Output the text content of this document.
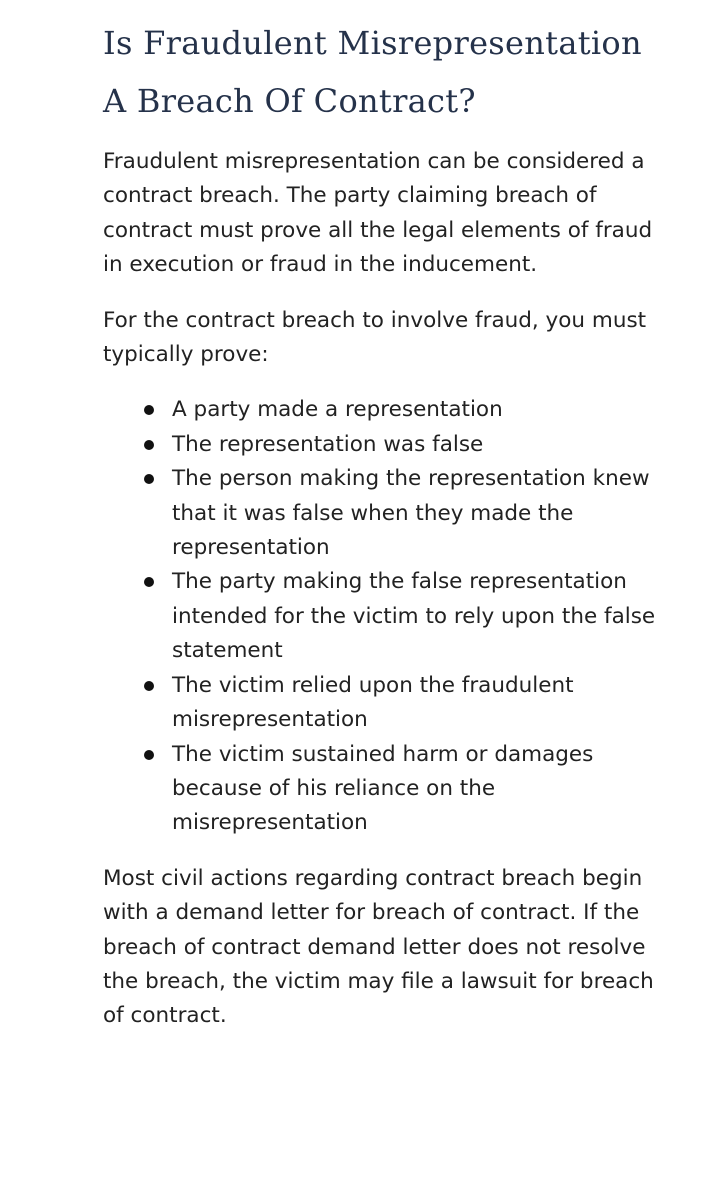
Is Fraudulent Misrepresentation A Breach Of Contract?

Fraudulent misrepresentation can be considered a contract breach. The party claiming breach of contract must prove all the legal elements of fraud in execution or fraud in the inducement.

For the contract breach to involve fraud, you must typically prove:

A party made a representation
The representation was false
The person making the representation knew that it was false when they made the representation
The party making the false representation intended for the victim to rely upon the false statement
The victim relied upon the fraudulent misrepresentation
The victim sustained harm or damages because of his reliance on the misrepresentation

Most civil actions regarding contract breach begin with a demand letter for breach of contract. If the breach of contract demand letter does not resolve the breach, the victim may file a lawsuit for breach of contract.
